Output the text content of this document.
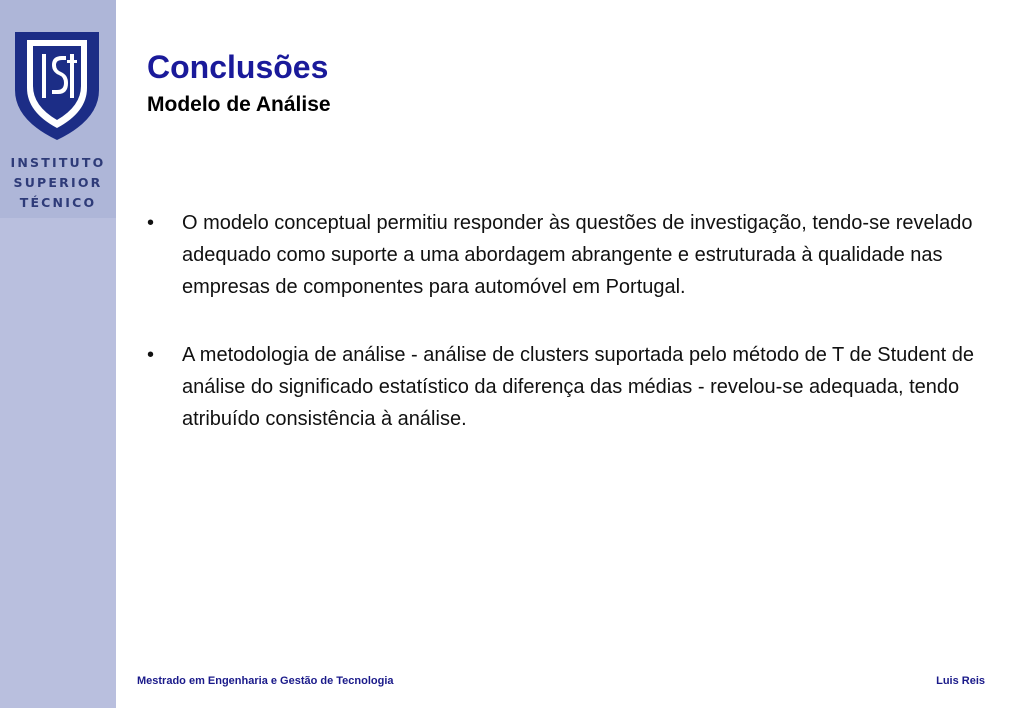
INSTITUTO
SUPERIOR
TÉCNICO
Conclusões
Modelo de Análise
• O modelo conceptual permitiu responder às questões de investigação, tendo-se revelado adequado como suporte a uma abordagem abrangente e estruturada à qualidade nas empresas de componentes para automóvel em Portugal.
• A metodologia de análise - análise de clusters suportada pelo método de T de Student de análise do significado estatístico da diferença das médias - revelou-se adequada, tendo atribuído consistência à análise.
Mestrado em Engenharia e Gestão de Tecnologia	Luis Reis
